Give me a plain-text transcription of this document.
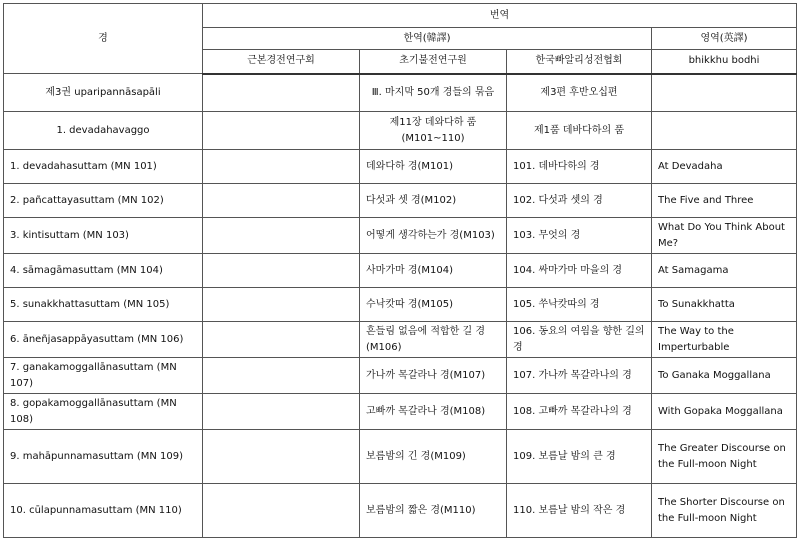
경	번역			
	한역(韓譯)			영역(英譯)
	근본경전연구회	초기불전연구원	한국빠알리성전협회	bhikkhu bodhi
제3권 uparipannāsapāli		Ⅲ. 마지막 50개 경들의 묶음	제3편 후반오십편	
1. devadahavaggo		제11장 데와다하 품 (M101~110)	제1품 데바다하의 품	
1. devadahasuttam (MN 101)		데와다하 경(M101)	101. 데바다하의 경	At Devadaha
2. pañcattayasuttam (MN 102)		다섯과 셋 경(M102)	102. 다섯과 셋의 경	The Five and Three
3. kintisuttam (MN 103)		어떻게 생각하는가 경(M103)	103. 무엇의 경	What Do You Think About Me?
4. sāmagāmasuttam (MN 104)		사마가마 경(M104)	104. 싸마가마 마을의 경	At Samagama
5. sunakkhattasuttam (MN 105)		수낙캇따 경(M105)	105. 쑤낙캇따의 경	To Sunakkhatta
6. āneñjasappāyasuttam (MN 106)		흔들림 없음에 적합한 길 경(M106)	106. 동요의 여읨을 향한 길의 경	The Way to the Imperturbable
7. ganakamoggallānasuttam (MN 107)		가나까 목갈라나 경(M107)	107. 가나까 목갈라나의 경	To Ganaka Moggallana
8. gopakamoggallānasuttam (MN 108)		고빠까 목갈라나 경(M108)	108. 고빠까 목갈라나의 경	With Gopaka Moggallana
9. mahāpunnamasuttam (MN 109)		보름밤의 긴 경(M109)	109. 보름날 밤의 큰 경	The Greater Discourse on the Full-moon Night
10. cūlapunnamasuttam (MN 110)		보름밤의 짧은 경(M110)	110. 보름날 밤의 작은 경	The Shorter Discourse on the Full-moon Night
